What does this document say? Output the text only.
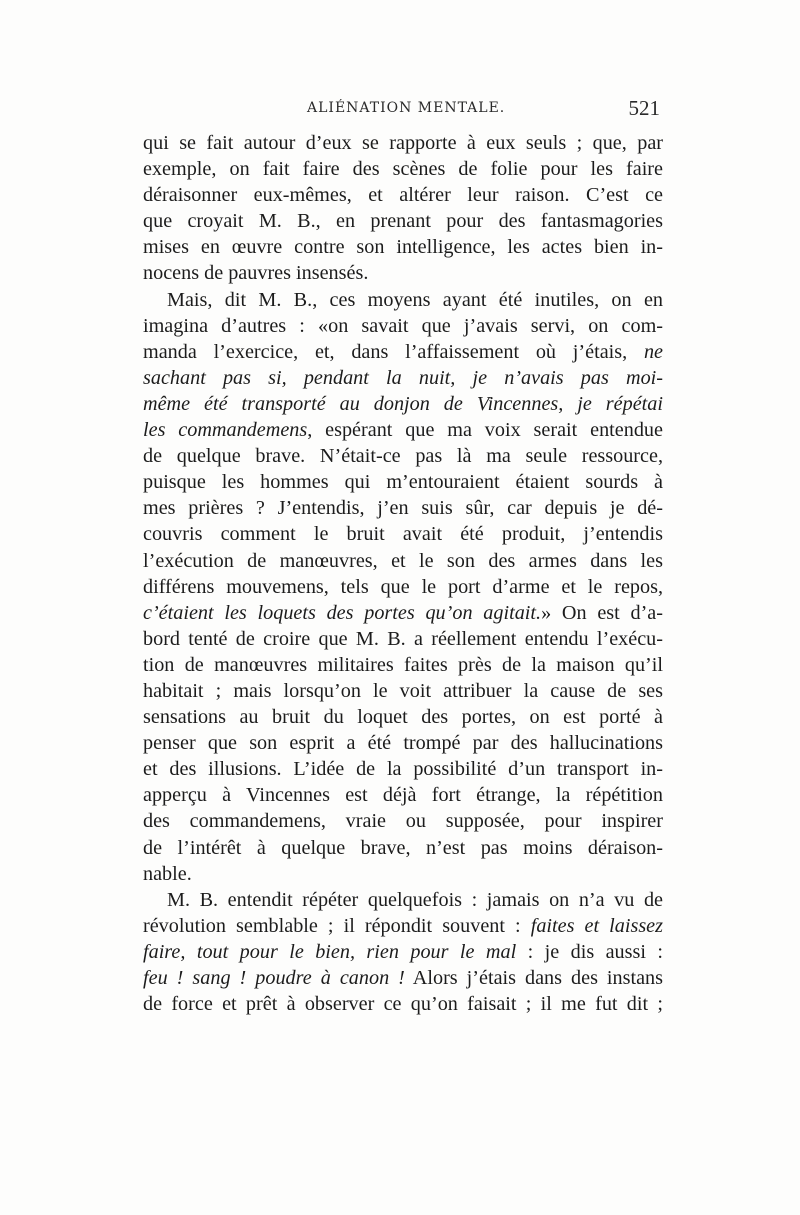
ALIÉNATION MENTALE.	521
qui se fait autour d’eux se rapporte à eux seuls ; que, par
exemple, on fait faire des scènes de folie pour les faire
déraisonner eux-mêmes, et altérer leur raison. C’est ce
que croyait M. B., en prenant pour des fantasmagories
mises en œuvre contre son intelligence, les actes bien in-
nocens de pauvres insensés.
Mais, dit M. B., ces moyens ayant été inutiles, on en
imagina d’autres : «on savait que j’avais servi, on com-
manda l’exercice, et, dans l’affaissement où j’étais, ne
sachant pas si, pendant la nuit, je n’avais pas moi-
même été transporté au donjon de Vincennes, je répétai
les commandemens, espérant que ma voix serait entendue
de quelque brave. N’était-ce pas là ma seule ressource,
puisque les hommes qui m’entouraient étaient sourds à
mes prières ? J’entendis, j’en suis sûr, car depuis je dé-
couvris comment le bruit avait été produit, j’entendis
l’exécution de manœuvres, et le son des armes dans les
différens mouvemens, tels que le port d’arme et le repos,
c’étaient les loquets des portes qu’on agitait.» On est d’a-
bord tenté de croire que M. B. a réellement entendu l’exécu-
tion de manœuvres militaires faites près de la maison qu’il
habitait ; mais lorsqu’on le voit attribuer la cause de ses
sensations au bruit du loquet des portes, on est porté à
penser que son esprit a été trompé par des hallucinations
et des illusions. L’idée de la possibilité d’un transport in-
apperçu à Vincennes est déjà fort étrange, la répétition
des commandemens, vraie ou supposée, pour inspirer
de l’intérêt à quelque brave, n’est pas moins déraison-
nable.
M. B. entendit répéter quelquefois : jamais on n’a vu de
révolution semblable ; il répondit souvent : faites et laissez
faire, tout pour le bien, rien pour le mal : je dis aussi :
feu ! sang ! poudre à canon ! Alors j’étais dans des instans
de force et prêt à observer ce qu’on faisait ; il me fut dit ;
